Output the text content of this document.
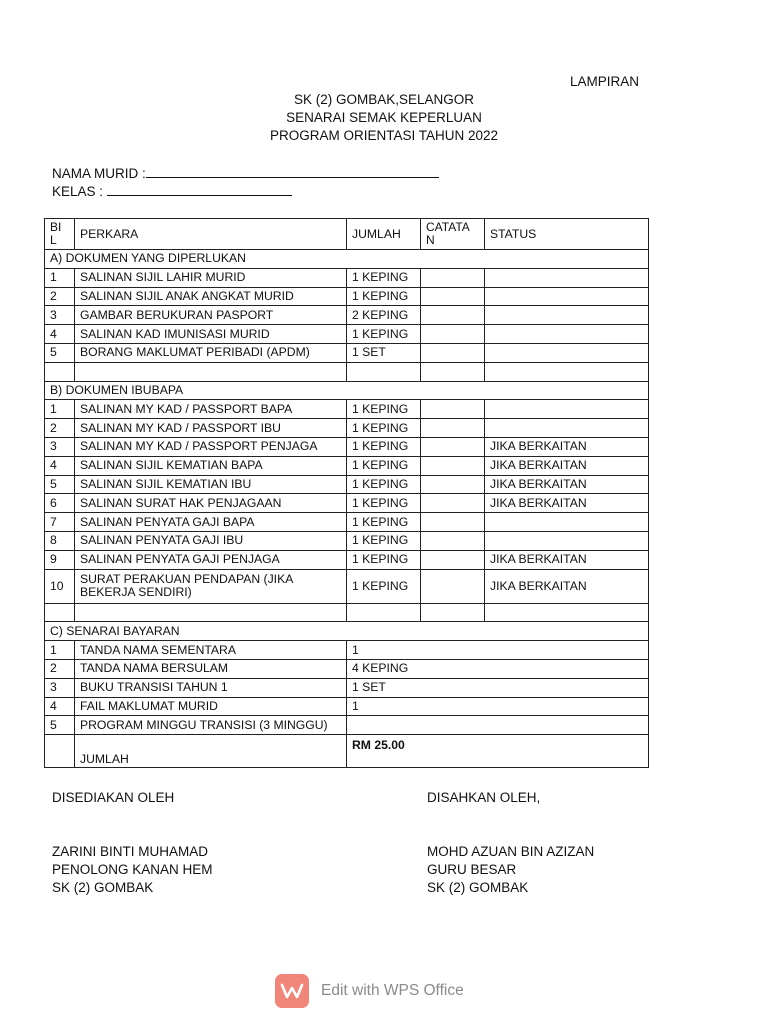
LAMPIRAN
SK (2) GOMBAK,SELANGOR
SENARAI SEMAK KEPERLUAN
PROGRAM ORIENTASI TAHUN 2022
NAMA MURID :
KELAS :
BI L	PERKARA	JUMLAH	CATATA N	STATUS
A) DOKUMEN YANG DIPERLUKAN				
1	SALINAN SIJIL LAHIR MURID	1 KEPING		
2	SALINAN SIJIL ANAK ANGKAT MURID	1 KEPING		
3	GAMBAR BERUKURAN PASPORT	2 KEPING		
4	SALINAN KAD IMUNISASI MURID	1 KEPING		
5	BORANG MAKLUMAT PERIBADI (APDM)	1 SET		

B) DOKUMEN IBUBAPA				
1	SALINAN MY KAD / PASSPORT BAPA	1 KEPING		
2	SALINAN MY KAD / PASSPORT IBU	1 KEPING		
3	SALINAN MY KAD / PASSPORT PENJAGA	1 KEPING		JIKA BERKAITAN
4	SALINAN SIJIL KEMATIAN BAPA	1 KEPING		JIKA BERKAITAN
5	SALINAN SIJIL KEMATIAN IBU	1 KEPING		JIKA BERKAITAN
6	SALINAN SURAT HAK PENJAGAAN	1 KEPING		JIKA BERKAITAN
7	SALINAN PENYATA GAJI BAPA	1 KEPING		
8	SALINAN PENYATA GAJI IBU	1 KEPING		
9	SALINAN PENYATA GAJI PENJAGA	1 KEPING		JIKA BERKAITAN
10	SURAT PERAKUAN PENDAPAN (JIKA BEKERJA SENDIRI)	1 KEPING		JIKA BERKAITAN

C) SENARAI BAYARAN				
1	TANDA NAMA SEMENTARA	1		
2	TANDA NAMA BERSULAM	4 KEPING		
3	BUKU TRANSISI TAHUN 1	1 SET		
4	FAIL MAKLUMAT MURID	1		
5	PROGRAM MINGGU TRANSISI (3 MINGGU)			
	JUMLAH	RM 25.00		
DISEDIAKAN OLEH	DISAHKAN OLEH,
ZARINI BINTI MUHAMAD
PENOLONG KANAN HEM
SK (2) GOMBAK
MOHD AZUAN BIN AZIZAN
GURU BESAR
SK (2) GOMBAK
Edit with WPS Office
